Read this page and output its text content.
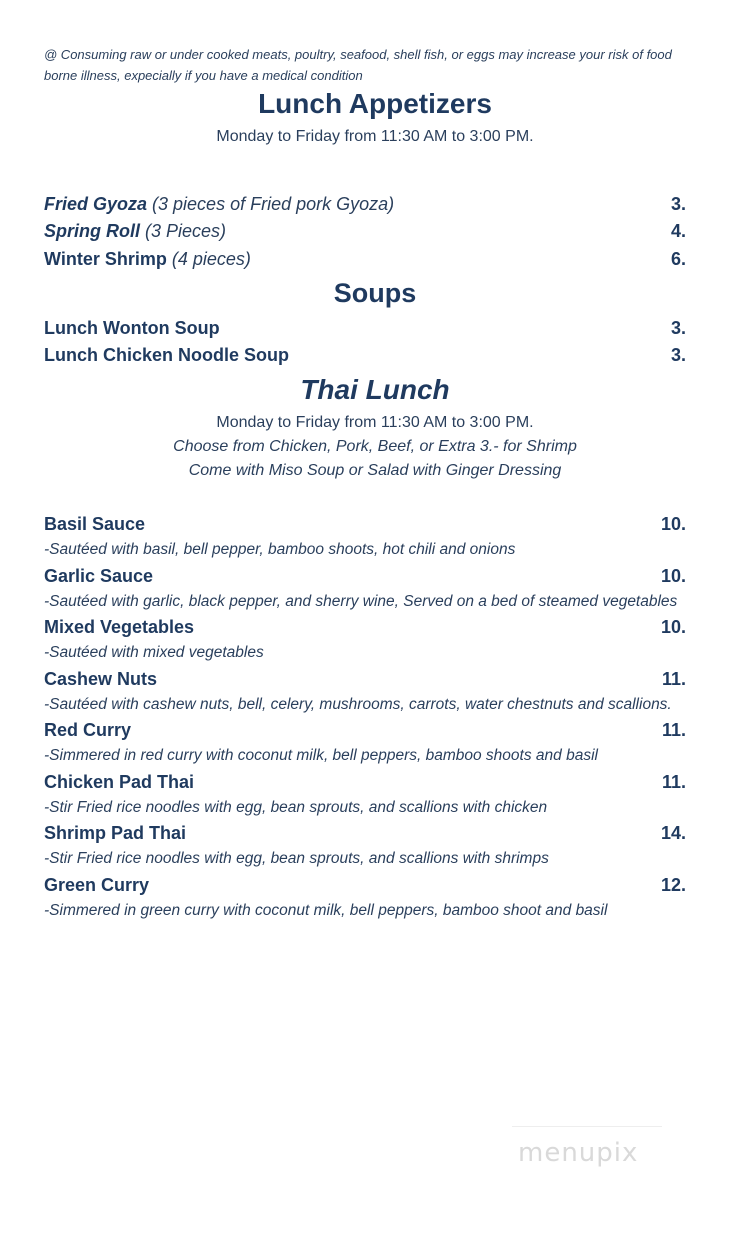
@ Consuming raw or under cooked meats, poultry, seafood, shell fish, or eggs may increase your risk of food borne illness, expecially if you have a medical condition
Lunch Appetizers
Monday to Friday from 11:30 AM to 3:00 PM.
Fried Gyoza (3 pieces of Fried pork Gyoza)	3.
Spring Roll (3 Pieces)	4.
Winter Shrimp (4 pieces)	6.
Soups
Lunch Wonton Soup	3.
Lunch Chicken Noodle Soup	3.
Thai Lunch
Monday to Friday from 11:30 AM to 3:00 PM.
Choose from Chicken, Pork, Beef, or Extra 3.- for Shrimp
Come with Miso Soup or Salad with Ginger Dressing
Basil Sauce	10.
-Sautéed with basil, bell pepper, bamboo shoots, hot chili and onions
Garlic Sauce	10.
-Sautéed with garlic, black pepper, and sherry wine, Served on a bed of steamed vegetables
Mixed Vegetables	10.
-Sautéed with mixed vegetables
Cashew Nuts	11.
-Sautéed with cashew nuts, bell, celery, mushrooms, carrots, water chestnuts and scallions.
Red Curry	11.
-Simmered in red curry with coconut milk, bell peppers, bamboo shoots and basil
Chicken Pad Thai	11.
-Stir Fried rice noodles with egg, bean sprouts, and scallions with chicken
Shrimp Pad Thai	14.
-Stir Fried rice noodles with egg, bean sprouts, and scallions with shrimps
Green Curry	12.
-Simmered in green curry with coconut milk, bell peppers, bamboo shoot and basil
menupix
